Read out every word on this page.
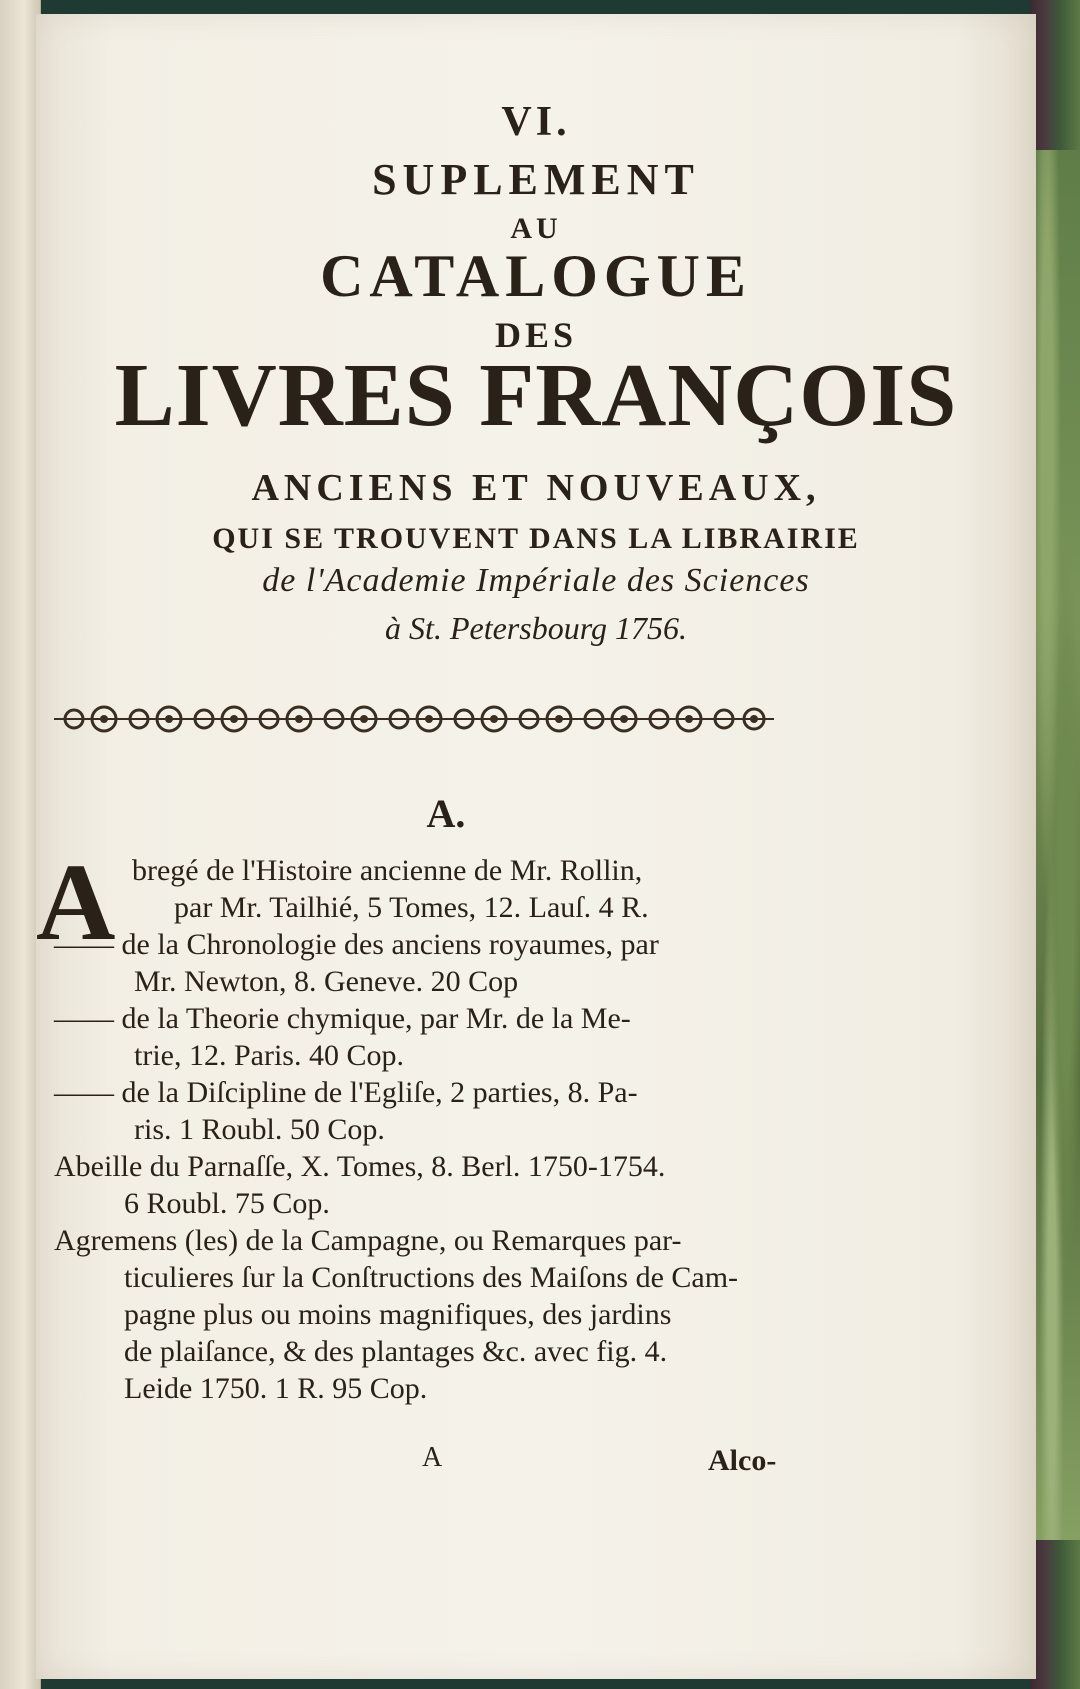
VI.
SUPLEMENT
AU
CATALOGUE
DES
LIVRES FRANÇOIS
ANCIENS ET NOUVEAUX,
QUI SE TROUVENT DANS LA LIBRAIRIE
de l'Academie Impériale des Sciences
à St. Petersbourg 1756.
A.
A bregé de l'Histoire ancienne de Mr. Rollin,
par Mr. Tailhié, 5 Tomes, 12. Lauſ. 4 R.
—— de la Chronologie des anciens royaumes, par
Mr. Newton, 8. Geneve. 20 Cop
—— de la Theorie chymique, par Mr. de la Me-
trie, 12. Paris. 40 Cop.
—— de la Diſcipline de l'Egliſe, 2 parties, 8. Pa-
ris. 1 Roubl. 50 Cop.
Abeille du Parnaſſe, X. Tomes, 8. Berl. 1750-1754.
6 Roubl. 75 Cop.
Agremens (les) de la Campagne, ou Remarques par-
ticulieres ſur la Conſtructions des Maiſons de Cam-
pagne plus ou moins magnifiques, des jardins
de plaiſance, & des plantages &c. avec fig. 4.
Leide 1750. 1 R. 95 Cop.
A	Alco-
